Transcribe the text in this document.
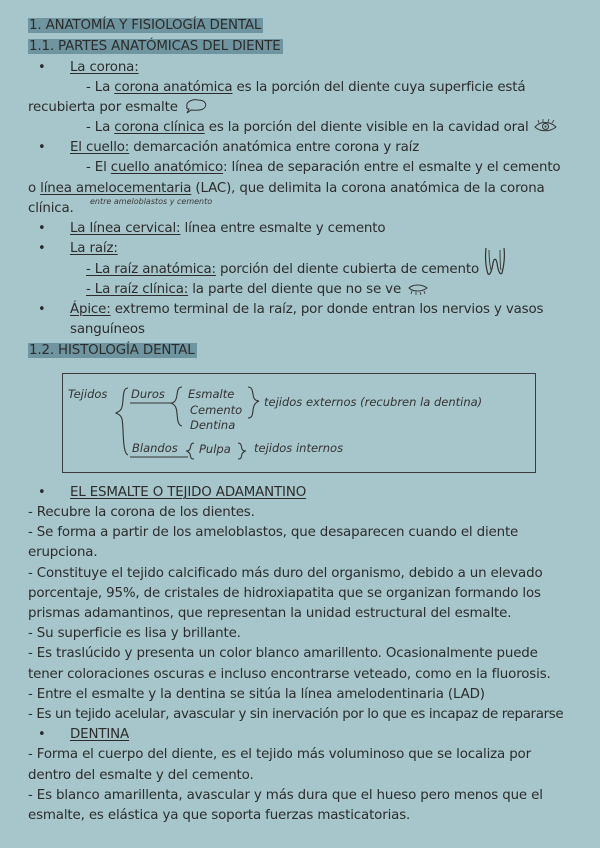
1. ANATOMÍA Y FISIOLOGÍA DENTAL
1.1. PARTES ANATÓMICAS DEL DIENTE
• La corona:
- La corona anatómica es la porción del diente cuya superficie está
recubierta por esmalte
- La corona clínica es la porción del diente visible en la cavidad oral
• El cuello: demarcación anatómica entre corona y raíz
- El cuello anatómico: línea de separación entre el esmalte y el cemento
o línea amelocementaria (LAC), que delimita la corona anatómica de la corona
clínica. entre ameloblastos y cemento
• La línea cervical: línea entre esmalte y cemento
• La raíz:
- La raíz anatómica: porción del diente cubierta de cemento
- La raíz clínica: la parte del diente que no se ve
• Ápice: extremo terminal de la raíz, por donde entran los nervios y vasos
sanguíneos
1.2. HISTOLOGÍA DENTAL
Tejidos Duros Esmalte
Cemento
Dentina
tejidos externos (recubren la dentina)
Blandos Pulpa tejidos internos
• EL ESMALTE O TEJIDO ADAMANTINO
- Recubre la corona de los dientes.
- Se forma a partir de los ameloblastos, que desaparecen cuando el diente
erupciona.
- Constituye el tejido calcificado más duro del organismo, debido a un elevado
porcentaje, 95%, de cristales de hidroxiapatita que se organizan formando los
prismas adamantinos, que representan la unidad estructural del esmalte.
- Su superficie es lisa y brillante.
- Es traslúcido y presenta un color blanco amarillento. Ocasionalmente puede
tener coloraciones oscuras e incluso encontrarse veteado, como en la fluorosis.
- Entre el esmalte y la dentina se sitúa la línea amelodentinaria (LAD)
- Es un tejido acelular, avascular y sin inervación por lo que es incapaz de repararse
• DENTINA
- Forma el cuerpo del diente, es el tejido más voluminoso que se localiza por
dentro del esmalte y del cemento.
- Es blanco amarillenta, avascular y más dura que el hueso pero menos que el
esmalte, es elástica ya que soporta fuerzas masticatorias.
